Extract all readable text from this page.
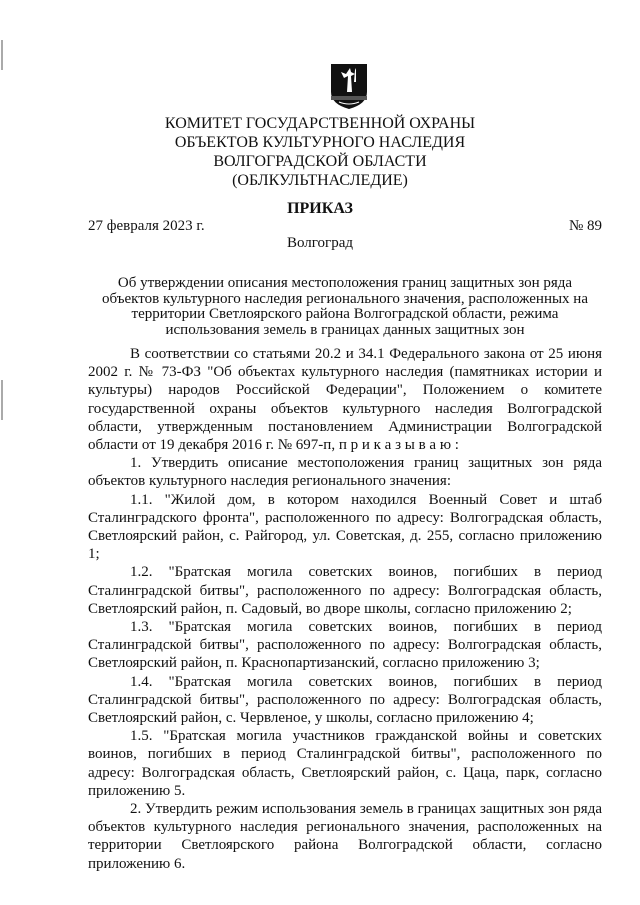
КОМИТЕТ ГОСУДАРСТВЕННОЙ ОХРАНЫ
ОБЪЕКТОВ КУЛЬТУРНОГО НАСЛЕДИЯ
ВОЛГОГРАДСКОЙ ОБЛАСТИ
(ОБЛКУЛЬТНАСЛЕДИЕ)
ПРИКАЗ
27 февраля 2023 г.	№ 89
Волгоград
Об утверждении описания местоположения границ защитных зон ряда объектов культурного наследия регионального значения, расположенных на территории Светлоярского района Волгоградской области, режима использования земель в границах данных защитных зон

В соответствии со статьями 20.2 и 34.1 Федерального закона от 25 июня 2002 г. № 73-ФЗ "Об объектах культурного наследия (памятниках истории и культуры) народов Российской Федерации", Положением о комитете государственной охраны объектов культурного наследия Волгоградской области, утвержденным постановлением Администрации Волгоградской области от 19 декабря 2016 г. № 697-п, п р и к а з ы в а ю :

1. Утвердить описание местоположения границ защитных зон ряда объектов культурного наследия регионального значения:

1.1. "Жилой дом, в котором находился Военный Совет и штаб Сталинградского фронта", расположенного по адресу: Волгоградская область, Светлоярский район, с. Райгород, ул. Советская, д. 255, согласно приложению 1;

1.2. "Братская могила советских воинов, погибших в период Сталинградской битвы", расположенного по адресу: Волгоградская область, Светлоярский район, п. Садовый, во дворе школы, согласно приложению 2;

1.3. "Братская могила советских воинов, погибших в период Сталинградской битвы", расположенного по адресу: Волгоградская область, Светлоярский район, п. Краснопартизанский, согласно приложению 3;

1.4. "Братская могила советских воинов, погибших в период Сталинградской битвы", расположенного по адресу: Волгоградская область, Светлоярский район, с. Червленое, у школы, согласно приложению 4;

1.5. "Братская могила участников гражданской войны и советских воинов, погибших в период Сталинградской битвы", расположенного по адресу: Волгоградская область, Светлоярский район, с. Цаца, парк, согласно приложению 5.

2. Утвердить режим использования земель в границах защитных зон ряда объектов культурного наследия регионального значения, расположенных на территории Светлоярского района Волгоградской области, согласно приложению 6.
